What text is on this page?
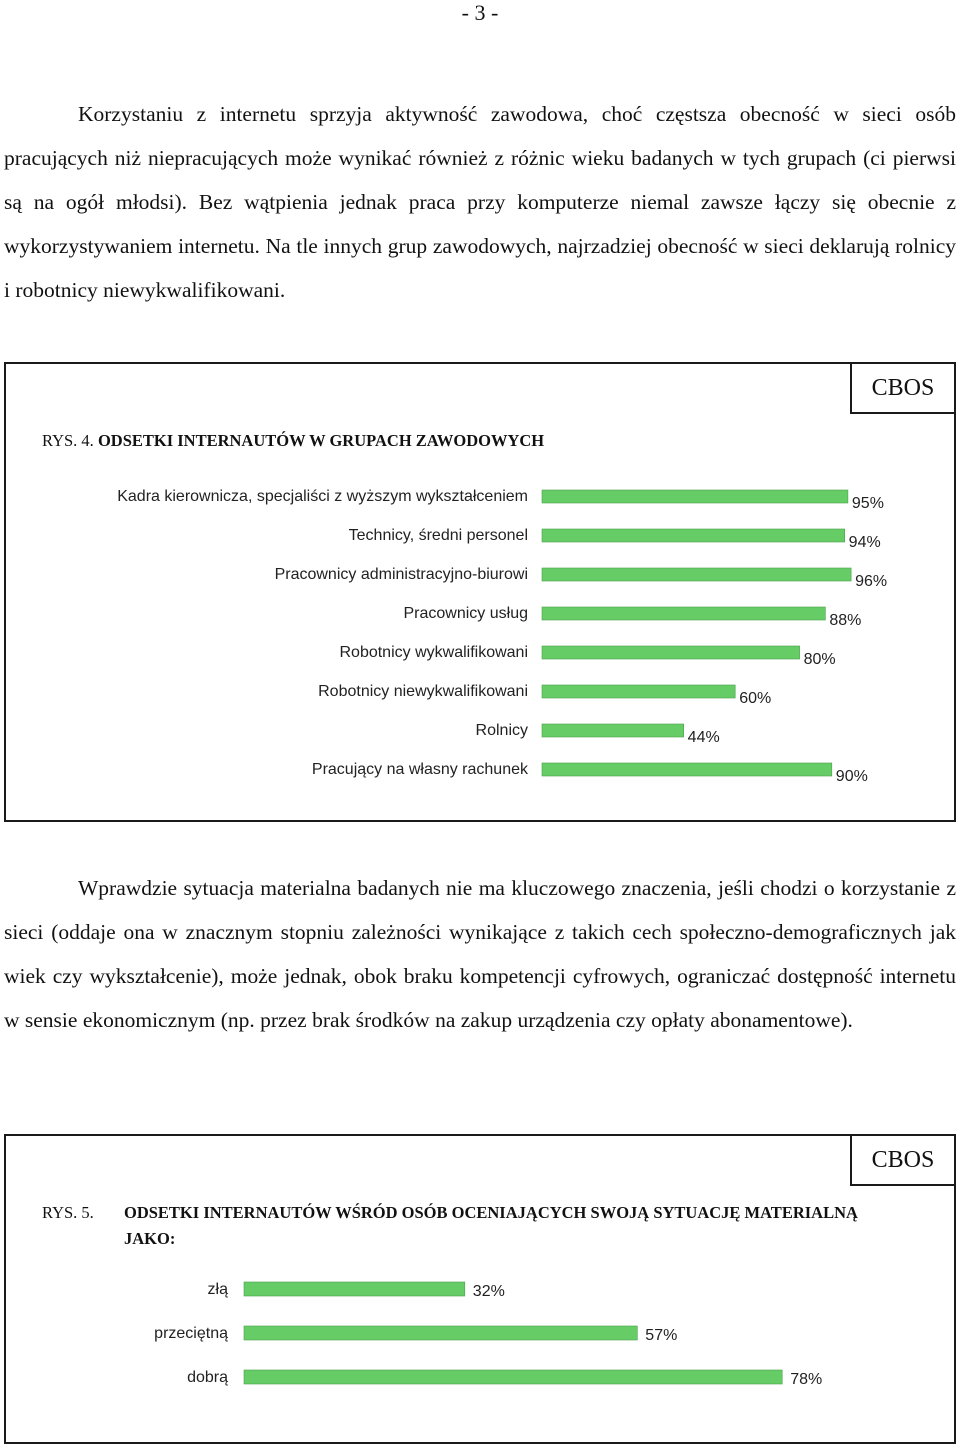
- 3 -

Korzystaniu z internetu sprzyja aktywność zawodowa, choć częstsza obecność w sieci osób pracujących niż niepracujących może wynikać również z różnic wieku badanych w tych grupach (ci pierwsi są na ogół młodsi). Bez wątpienia jednak praca przy komputerze niemal zawsze łączy się obecnie z wykorzystywaniem internetu. Na tle innych grup zawodowych, najrzadziej obecność w sieci deklarują rolnicy i robotnicy niewykwalifikowani.

CBOS
RYS. 4. ODSETKI INTERNAUTÓW W GRUPACH ZAWODOWYCH
Kadra kierownicza, specjaliści z wyższym wykształceniem	95%
Technicy, średni personel	94%
Pracownicy administracyjno-biurowi	96%
Pracownicy usług	88%
Robotnicy wykwalifikowani	80%
Robotnicy niewykwalifikowani	60%
Rolnicy	44%
Pracujący na własny rachunek	90%

Wprawdzie sytuacja materialna badanych nie ma kluczowego znaczenia, jeśli chodzi o korzystanie z sieci (oddaje ona w znacznym stopniu zależności wynikające z takich cech społeczno-demograficznych jak wiek czy wykształcenie), może jednak, obok braku kompetencji cyfrowych, ograniczać dostępność internetu w sensie ekonomicznym (np. przez brak środków na zakup urządzenia czy opłaty abonamentowe).

CBOS
RYS. 5. ODSETKI INTERNAUTÓW WŚRÓD OSÓB OCENIAJĄCYCH SWOJĄ SYTUACJĘ MATERIALNĄ JAKO:
złą	32%
przeciętną	57%
dobrą	78%
